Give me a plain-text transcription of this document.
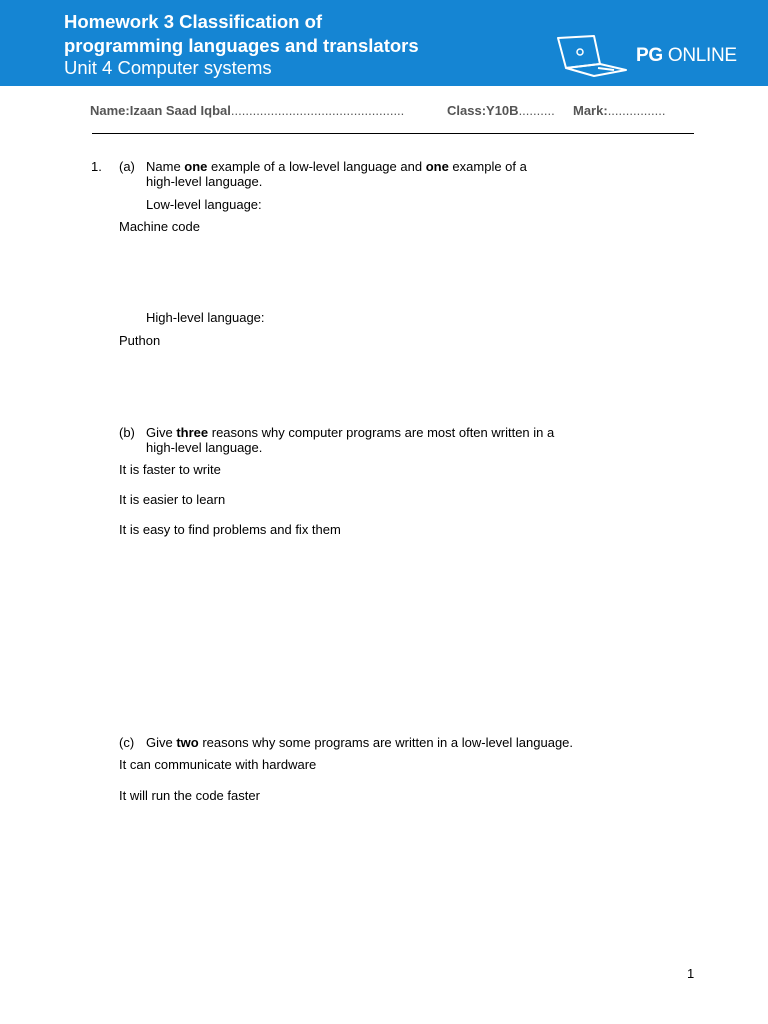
Homework 3 Classification of
programming languages and translators
Unit 4 Computer systems
PG ONLINE
Name:Izaan Saad Iqbal................................................	Class:Y10B.......... Mark:................
1. (a) Name one example of a low-level language and one example of a
high-level language.
Low-level language:
Machine code
High-level language:
Puthon
(b) Give three reasons why computer programs are most often written in a
high-level language.
It is faster to write
It is easier to learn
It is easy to find problems and fix them
(c) Give two reasons why some programs are written in a low-level language.
It can communicate with hardware
It will run the code faster
1
